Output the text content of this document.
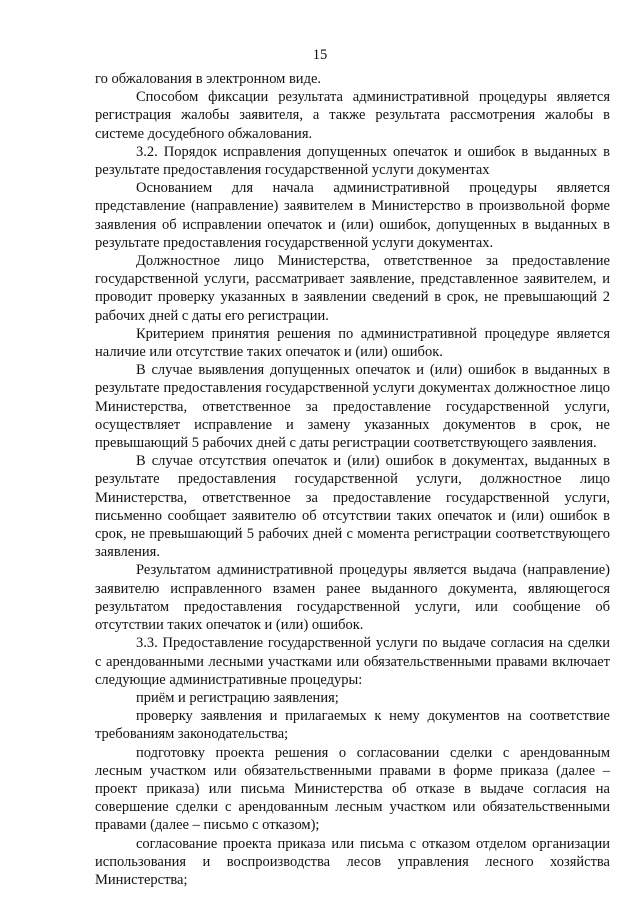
15

го обжалования в электронном виде.

Способом фиксации результата административной процедуры является регистрация жалобы заявителя, а также результата рассмотрения жалобы в системе досудебного обжалования.

3.2. Порядок исправления допущенных опечаток и ошибок в выданных в результате предоставления государственной услуги документах

Основанием для начала административной процедуры является представление (направление) заявителем в Министерство в произвольной форме заявления об исправлении опечаток и (или) ошибок, допущенных в выданных в результате предоставления государственной услуги документах.

Должностное лицо Министерства, ответственное за предоставление государственной услуги, рассматривает заявление, представленное заявителем, и проводит проверку указанных в заявлении сведений в срок, не превышающий 2 рабочих дней с даты его регистрации.

Критерием принятия решения по административной процедуре является наличие или отсутствие таких опечаток и (или) ошибок.

В случае выявления допущенных опечаток и (или) ошибок в выданных в результате предоставления государственной услуги документах должностное лицо Министерства, ответственное за предоставление государственной услуги, осуществляет исправление и замену указанных документов в срок, не превышающий 5 рабочих дней с даты регистрации соответствующего заявления.

В случае отсутствия опечаток и (или) ошибок в документах, выданных в результате предоставления государственной услуги, должностное лицо Министерства, ответственное за предоставление государственной услуги, письменно сообщает заявителю об отсутствии таких опечаток и (или) ошибок в срок, не превышающий 5 рабочих дней с момента регистрации соответствующего заявления.

Результатом административной процедуры является выдача (направление) заявителю исправленного взамен ранее выданного документа, являющегося результатом предоставления государственной услуги, или сообщение об отсутствии таких опечаток и (или) ошибок.

3.3. Предоставление государственной услуги по выдаче согласия на сделки с арендованными лесными участками или обязательственными правами включает следующие административные процедуры:

приём и регистрацию заявления;

проверку заявления и прилагаемых к нему документов на соответствие требованиям законодательства;

подготовку проекта решения о согласовании сделки с арендованным лесным участком или обязательственными правами в форме приказа (далее – проект приказа) или письма Министерства об отказе в выдаче согласия на совершение сделки с арендованным лесным участком или обязательственными правами (далее – письмо с отказом);

согласование проекта приказа или письма с отказом отделом организации использования и воспроизводства лесов управления лесного хозяйства Министерства;
